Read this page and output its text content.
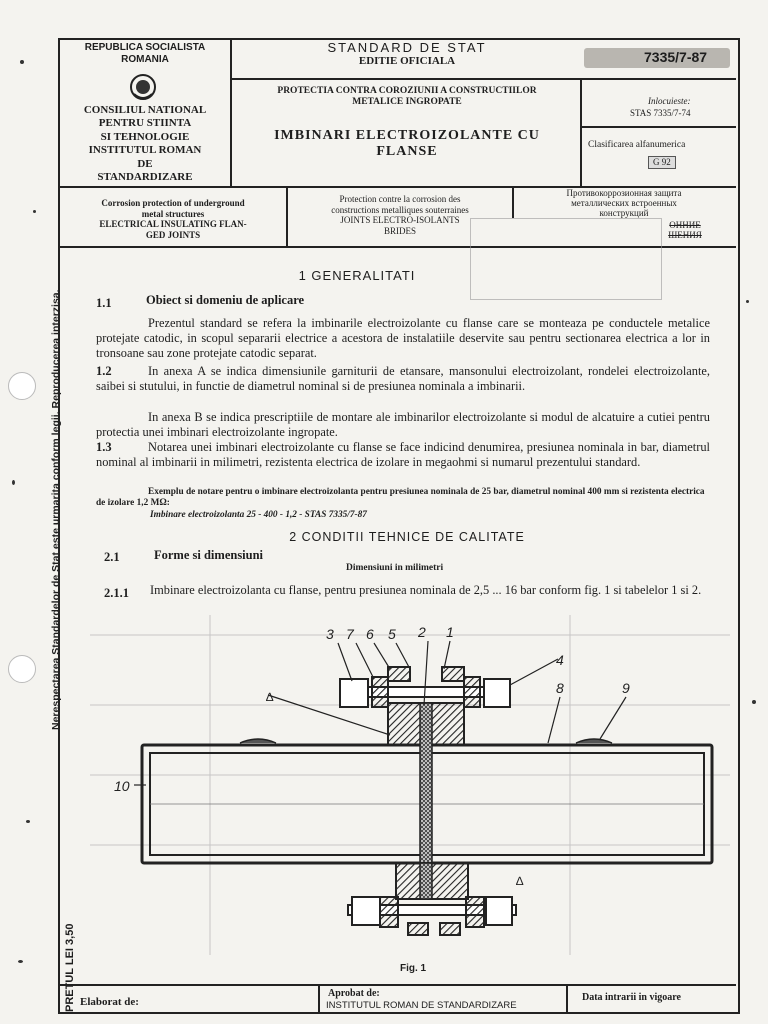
Nerespectarea Standardelor de Stat este urmarita conform legii. Reproducerea interzisa.
PRETUL LEI 3,50
REPUBLICA SOCIALISTA
ROMANIA
CONSILIUL NATIONAL
PENTRU STIINTA
SI TEHNOLOGIE
INSTITUTUL ROMAN
DE
STANDARDIZARE
STANDARD DE STAT
EDITIE OFICIALA	7335/7-87
PROTECTIA CONTRA COROZIUNII A CONSTRUCTIILOR
METALICE INGROPATE
IMBINARI ELECTROIZOLANTE CU
FLANSE
Inlocuieste:
STAS 7335/7-74
Clasificarea alfanumerica
G 92
Corrosion protection of underground
metal structures
ELECTRICAL INSULATING FLAN-
GED JOINTS
Protection contre la corrosion des
constructions metalliques souterraines
JOINTS ELECTRO-ISOLANTS
BRIDES
Противокоррозионная защита
металлических встроенных
конструкций
ОННИЕ
ШЕНИЯ
1 GENERALITATI
1.1	Obiect si domeniu de aplicare
Prezentul standard se refera la imbinarile electroizolante cu flanse care se monteaza pe conductele metalice protejate catodic, in scopul separarii electrice a acestora de instalatiile deservite sau pentru sectionarea electrica a lor in tronsoane sau zone protejate catodic separat.
1.2	In anexa A se indica dimensiunile garniturii de etansare, mansonului electroizolant, rondelei electroizolante, saibei si stutului, in functie de diametrul nominal si de presiunea nominala a imbinarii.
In anexa B se indica prescriptiile de montare ale imbinarilor electroizolante si modul de alcatuire a cutiei pentru protectia unei imbinari electroizolante ingropate.
1.3	Notarea unei imbinari electroizolante cu flanse se face indicind denumirea, presiunea nominala in bar, diametrul nominal al imbinarii in milimetri, rezistenta electrica de izolare in megaohmi si numarul prezentului standard.
Exemplu de notare pentru o imbinare electroizolanta pentru presiunea nominala de 25 bar, diametrul nominal 400 mm si rezistenta electrica de izolare 1,2 MΩ:
Imbinare electroizolanta 25 - 400 - 1,2 - STAS 7335/7-87
2 CONDITII TEHNICE DE CALITATE
2.1	Forme si dimensiuni
Dimensiuni in milimetri
2.1.1	Imbinare electroizolanta cu flanse, pentru presiunea nominala de 2,5 ... 16 bar conform fig. 1 si tabelelor 1 si 2.
3 7 6 5 2 1
4
8	9
10
∆
∆
Fig. 1
Elaborat de:
Aprobat de:
INSTITUTUL ROMAN DE STANDARDIZARE
Data intrarii in vigoare
